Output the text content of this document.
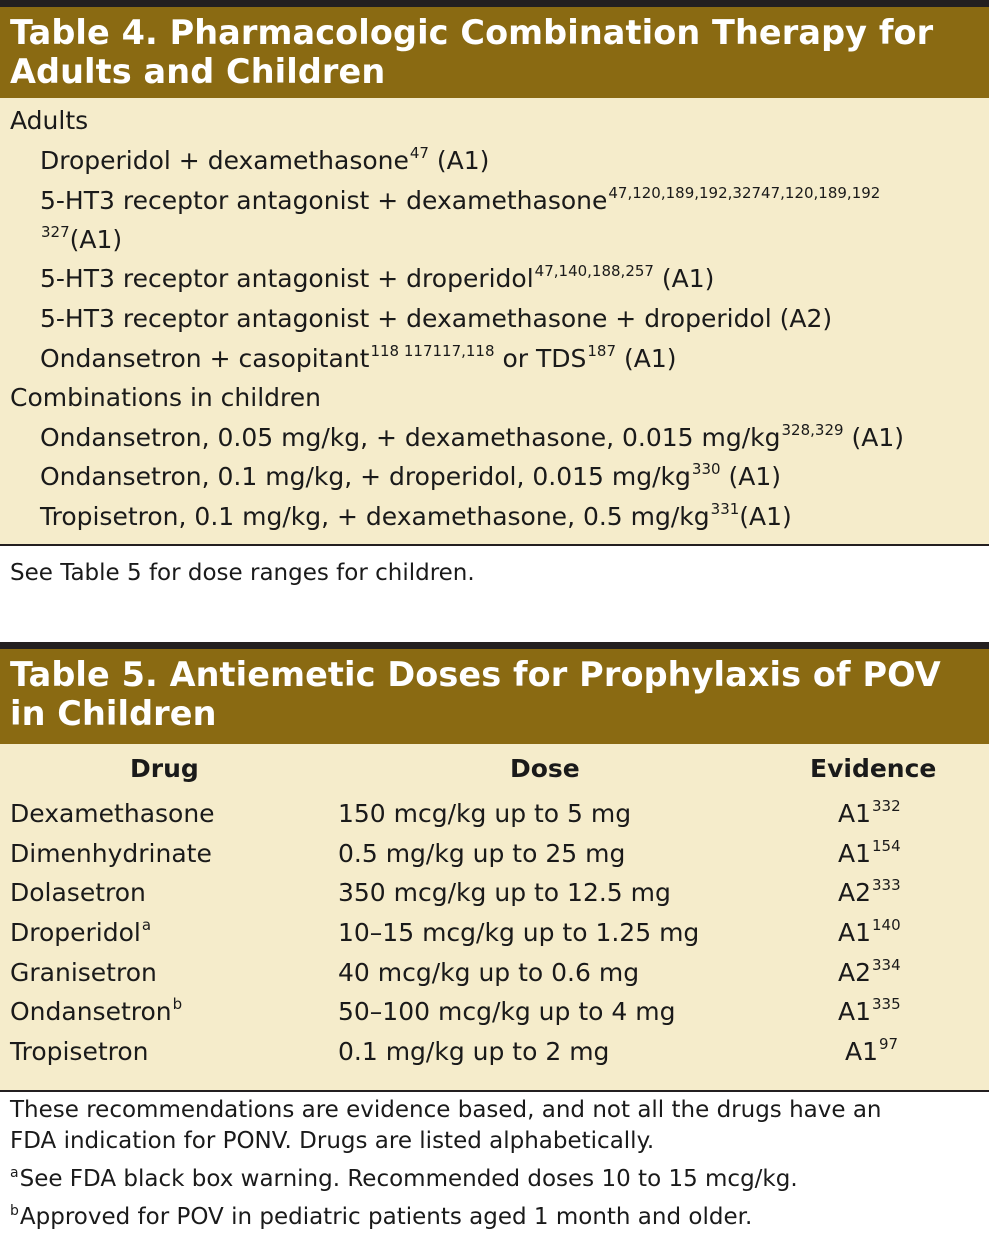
Table 4. Pharmacologic Combination Therapy for
Adults and Children
Adults
Droperidol + dexamethasone$^{47}$ (A1)
5-HT3 receptor antagonist + dexamethasone$^{47,120,189,192,32747,120,189,192}$
$^{327}$(A1)
5-HT3 receptor antagonist + droperidol$^{47,140,188,257}$ (A1)
5-HT3 receptor antagonist + dexamethasone + droperidol (A2)
Ondansetron + casopitant$^{118 117117,118}$ or TDS$^{187}$ (A1)
Combinations in children
Ondansetron, 0.05 mg/kg, + dexamethasone, 0.015 mg/kg$^{328,329}$ (A1)
Ondansetron, 0.1 mg/kg, + droperidol, 0.015 $mg/kg^{330}$ (A1)
Tropisetron, 0.1 mg/kg, + dexamethasone, 0.5 $mg/kg^{331}(A1)$
See Table 5 for dose ranges for children.
Table 5. Antiemetic Doses for Prophylaxis of POV
in Children
Drug	Dose	Evidence
Dexamethasone	150 mcg/kg up to 5 mg	$A1^{332}$
Dimenhydrinate	0.5 mg/kg up to 25 mg	$A1^{154}$
Dolasetron	350 mcg/kg up to 12.5 mg	$A2^{333}$
Droperidol$^a$	10–15 mcg/kg up to 1.25 mg	$A1^{140}$
Granisetron	40 mcg/kg up to 0.6 mg	$A2^{334}$
Ondansetron$^b$	50–100 mcg/kg up to 4 mg	$A1^{335}$
Tropisetron	0.1 mg/kg up to 2 mg	$A1^{97}$
These recommendations are evidence based, and not all the drugs have an
FDA indication for PONV. Drugs are listed alphabetically.
$^a$See FDA black box warning. Recommended doses 10 to 15 mcg/kg.
$^b$Approved for POV in pediatric patients aged 1 month and older.
